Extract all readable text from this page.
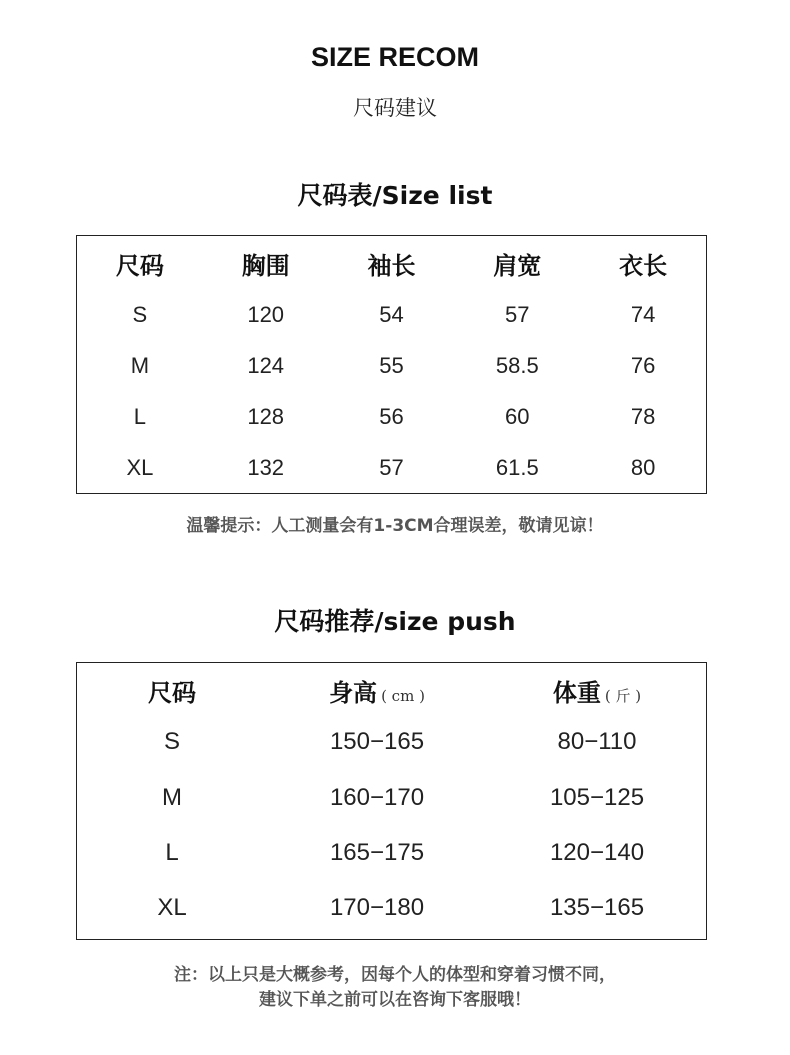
SIZE RECOM
尺码建议
尺码表/Size list
尺码	胸围	袖长	肩宽	衣长
S	120	54	57	74
M	124	55	58.5	76
L	128	56	60	78
XL	132	57	61.5	80
温馨提示：人工测量会有1-3CM合理误差，敬请见谅！
尺码推荐/size push
尺码	身高 ( cm )	体重 ( 斤 )
S	150−165	80−110
M	160−170	105−125
L	165−175	120−140
XL	170−180	135−165
注：以上只是大概参考，因每个人的体型和穿着习惯不同，
建议下单之前可以在咨询下客服哦！
